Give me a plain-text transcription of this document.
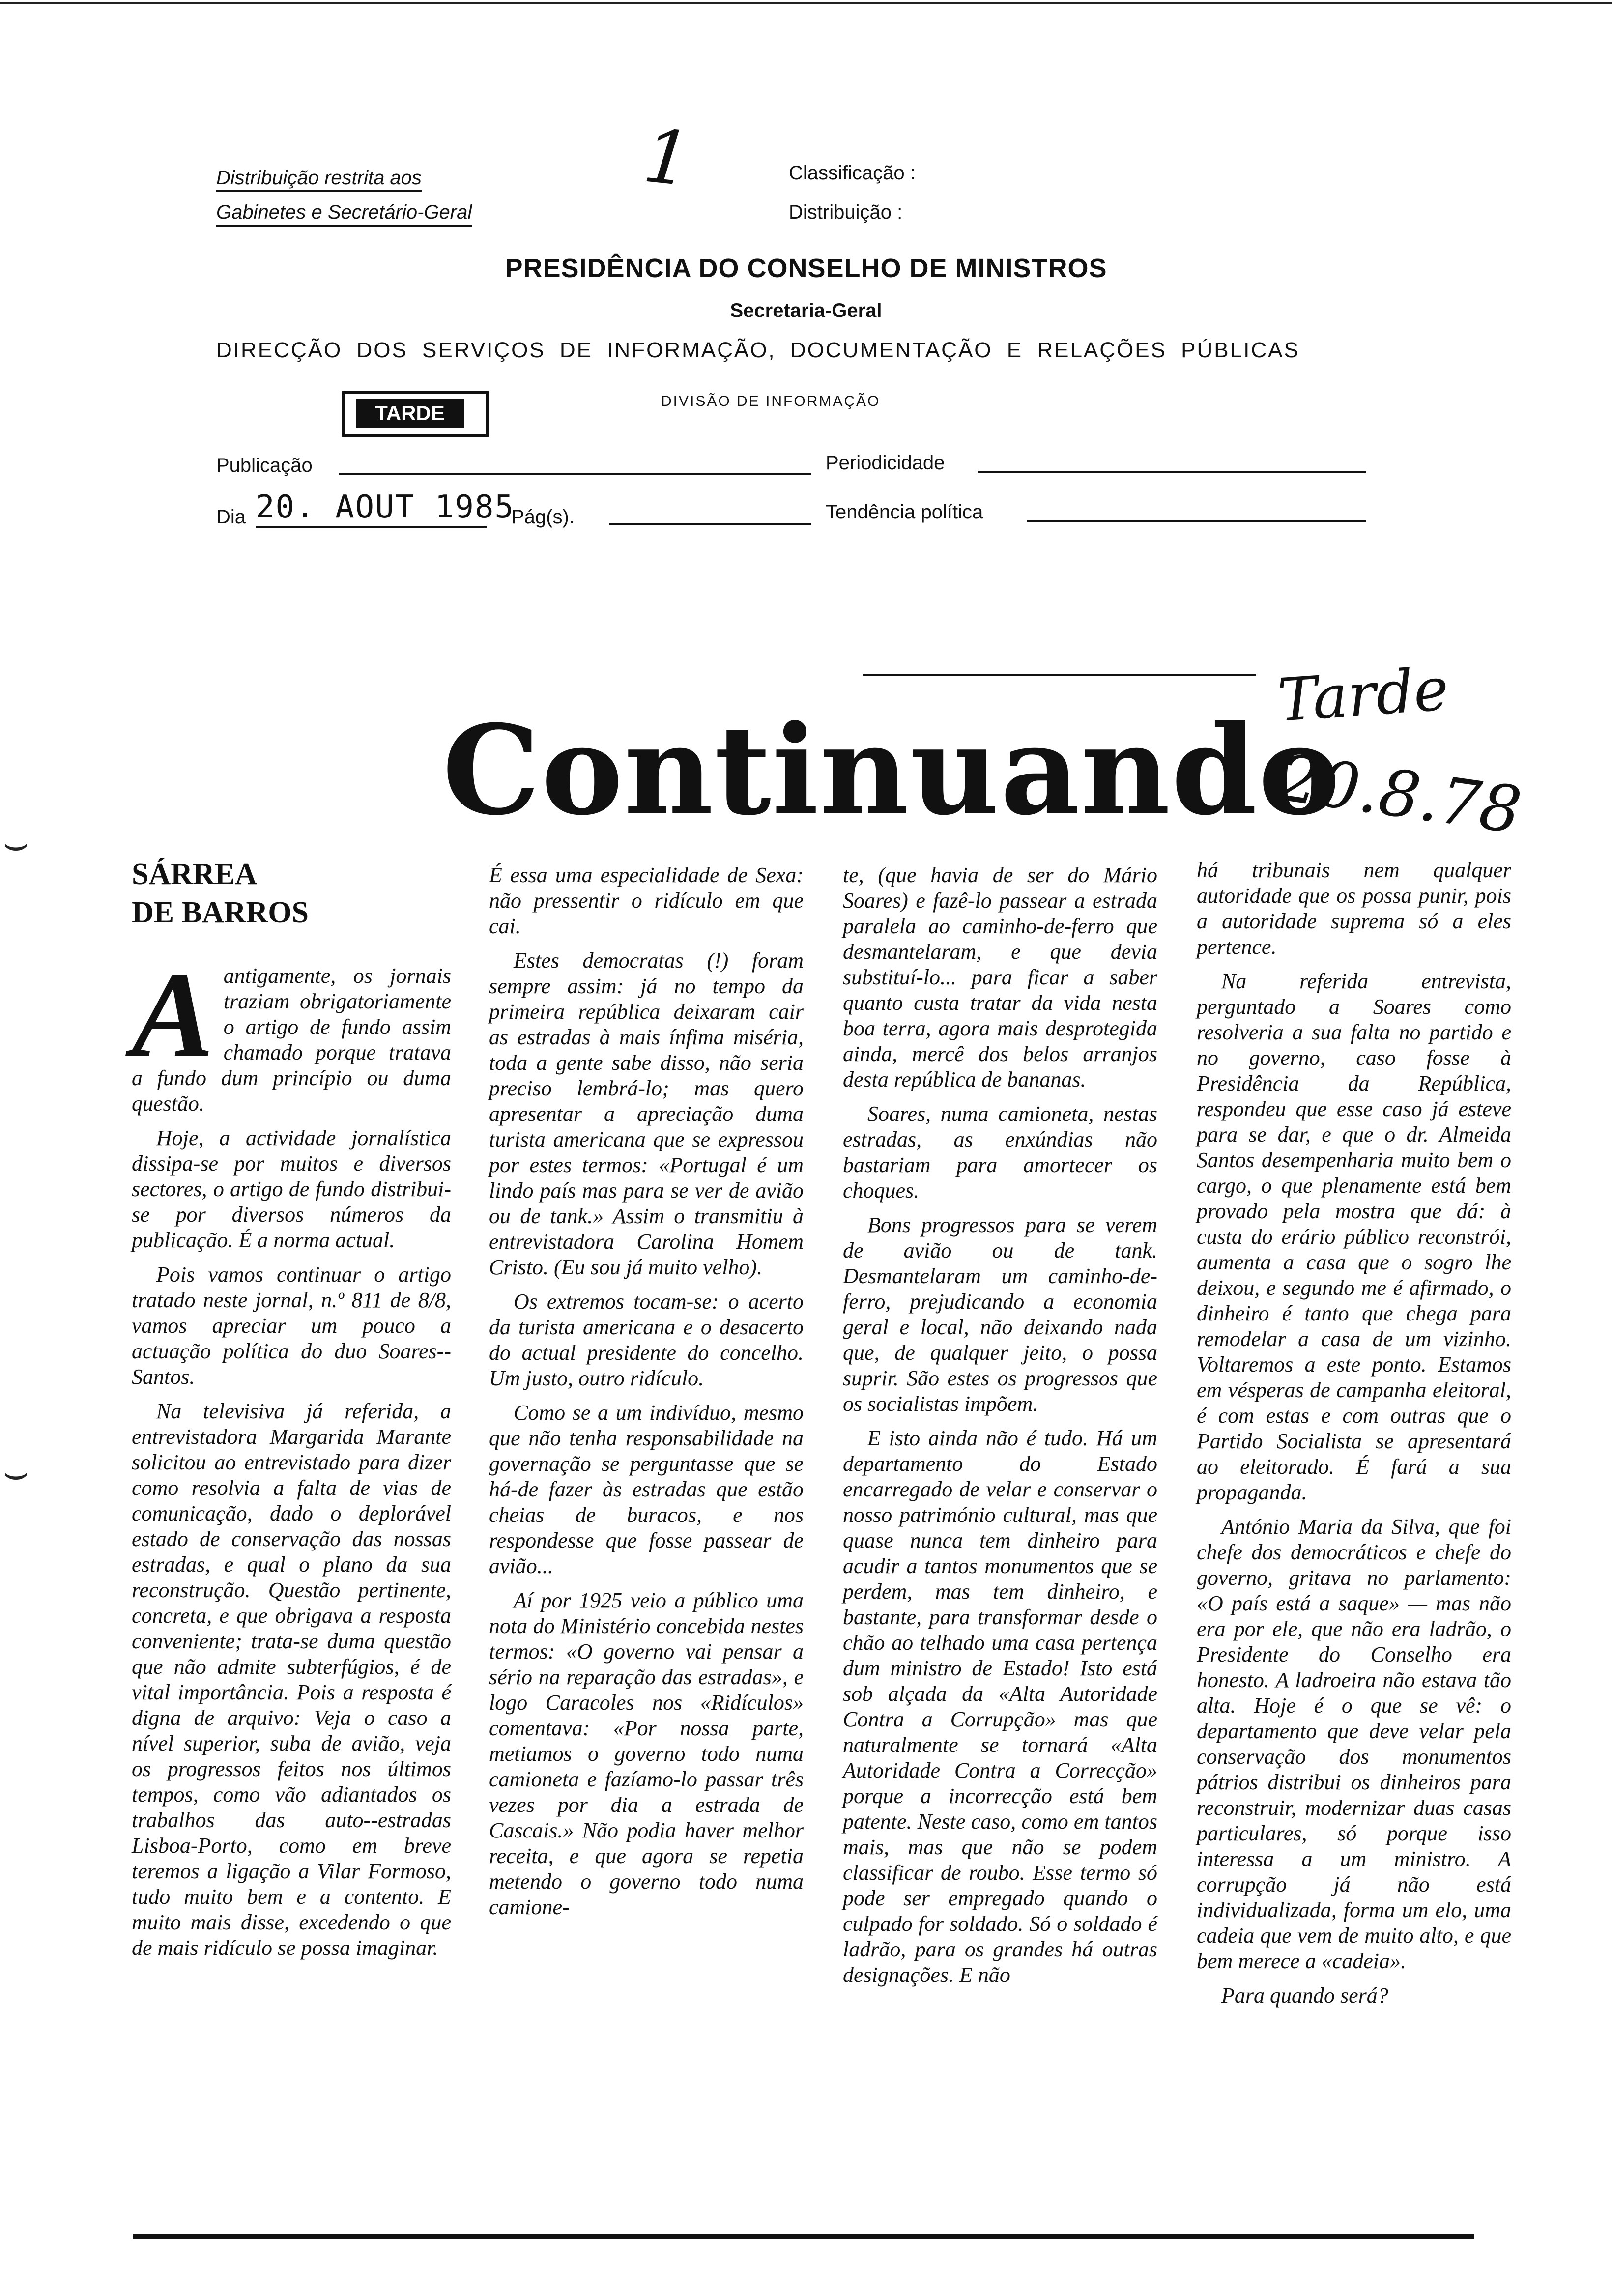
Distribuição restrita aos
Gabinetes e Secretário-Geral
Classificação :
Distribuição :
1
PRESIDÊNCIA DO CONSELHO DE MINISTROS
Secretaria-Geral
DIRECÇÃO DOS SERVIÇOS DE INFORMAÇÃO, DOCUMENTAÇÃO E RELAÇÕES PÚBLICAS
TARDE
DIVISÃO DE INFORMAÇÃO
Publicação	Periodicidade
Dia 20. AOUT 1985
Pág(s).	Tendência política
Tarde
20.8.78
Continuando
⌣
⌣
SÁRREA
DE BARROS

Aantigamente, os jornais traziam obrigatoriamente o artigo de fundo assim chamado porque tratava a fundo dum princípio ou duma questão.

Hoje, a actividade jornalística dissipa-se por muitos e diversos sectores, o artigo de fundo distribui-se por diversos números da publicação. É a norma actual.

Pois vamos continuar o artigo tratado neste jornal, n.º 811 de 8/8, vamos apreciar um pouco a actuação política do duo Soares--Santos.

Na televisiva já referida, a entrevistadora Margarida Marante solicitou ao entrevistado para dizer como resolvia a falta de vias de comunicação, dado o deplorável estado de conservação das nossas estradas, e qual o plano da sua reconstrução. Questão pertinente, concreta, e que obrigava a resposta conveniente; trata-se duma questão que não admite subterfúgios, é de vital importância. Pois a resposta é digna de arquivo: Veja o caso a nível superior, suba de avião, veja os progressos feitos nos últimos tempos, como vão adiantados os trabalhos das auto--estradas Lisboa-Porto, como em breve teremos a ligação a Vilar Formoso, tudo muito bem e a contento. E muito mais disse, excedendo o que de mais ridículo se possa imaginar.

É essa uma especialidade de Sexa: não pressentir o ridículo em que cai.

Estes democratas (!) foram sempre assim: já no tempo da primeira república deixaram cair as estradas à mais ínfima miséria, toda a gente sabe disso, não seria preciso lembrá-lo; mas quero apresentar a apreciação duma turista americana que se expressou por estes termos: «Portugal é um lindo país mas para se ver de avião ou de tank.» Assim o transmitiu à entrevistadora Carolina Homem Cristo. (Eu sou já muito velho).

Os extremos tocam-se: o acerto da turista americana e o desacerto do actual presidente do concelho. Um justo, outro ridículo.

Como se a um indivíduo, mesmo que não tenha responsabilidade na governação se perguntasse que se há-de fazer às estradas que estão cheias de buracos, e nos respondesse que fosse passear de avião...

Aí por 1925 veio a público uma nota do Ministério concebida nestes termos: «O governo vai pensar a sério na reparação das estradas», e logo Caracoles nos «Ridículos» comentava: «Por nossa parte, metiamos o governo todo numa camioneta e fazíamo-lo passar três vezes por dia a estrada de Cascais.» Não podia haver melhor receita, e que agora se repetia metendo o governo todo numa camione-

te, (que havia de ser do Mário Soares) e fazê-lo passear a estrada paralela ao caminho-de-ferro que desmantelaram, e que devia substituí-lo... para ficar a saber quanto custa tratar da vida nesta boa terra, agora mais desprotegida ainda, mercê dos belos arranjos desta república de bananas.

Soares, numa camioneta, nestas estradas, as enxúndias não bastariam para amortecer os choques.

Bons progressos para se verem de avião ou de tank. Desmantelaram um caminho-de-ferro, prejudicando a economia geral e local, não deixando nada que, de qualquer jeito, o possa suprir. São estes os progressos que os socialistas impõem.

E isto ainda não é tudo. Há um departamento do Estado encarregado de velar e conservar o nosso património cultural, mas que quase nunca tem dinheiro para acudir a tantos monumentos que se perdem, mas tem dinheiro, e bastante, para transformar desde o chão ao telhado uma casa pertença dum ministro de Estado! Isto está sob alçada da «Alta Autoridade Contra a Corrupção» mas que naturalmente se tornará «Alta Autoridade Contra a Correcção» porque a incorrecção está bem patente. Neste caso, como em tantos mais, mas que não se podem classificar de roubo. Esse termo só pode ser empregado quando o culpado for soldado. Só o soldado é ladrão, para os grandes há outras designações. E não

há tribunais nem qualquer autoridade que os possa punir, pois a autoridade suprema só a eles pertence.

Na referida entrevista, perguntado a Soares como resolveria a sua falta no partido e no governo, caso fosse à Presidência da República, respondeu que esse caso já esteve para se dar, e que o dr. Almeida Santos desempenharia muito bem o cargo, o que plenamente está bem provado pela mostra que dá: à custa do erário público reconstrói, aumenta a casa que o sogro lhe deixou, e segundo me é afirmado, o dinheiro é tanto que chega para remodelar a casa de um vizinho. Voltaremos a este ponto. Estamos em vésperas de campanha eleitoral, é com estas e com outras que o Partido Socialista se apresentará ao eleitorado. É fará a sua propaganda.

António Maria da Silva, que foi chefe dos democráticos e chefe do governo, gritava no parlamento: «O país está a saque» — mas não era por ele, que não era ladrão, o Presidente do Conselho era honesto. A ladroeira não estava tão alta. Hoje é o que se vê: o departamento que deve velar pela conservação dos monumentos pátrios distribui os dinheiros para reconstruir, modernizar duas casas particulares, só porque isso interessa a um ministro. A corrupção já não está individualizada, forma um elo, uma cadeia que vem de muito alto, e que bem merece a «cadeia».

Para quando será?
